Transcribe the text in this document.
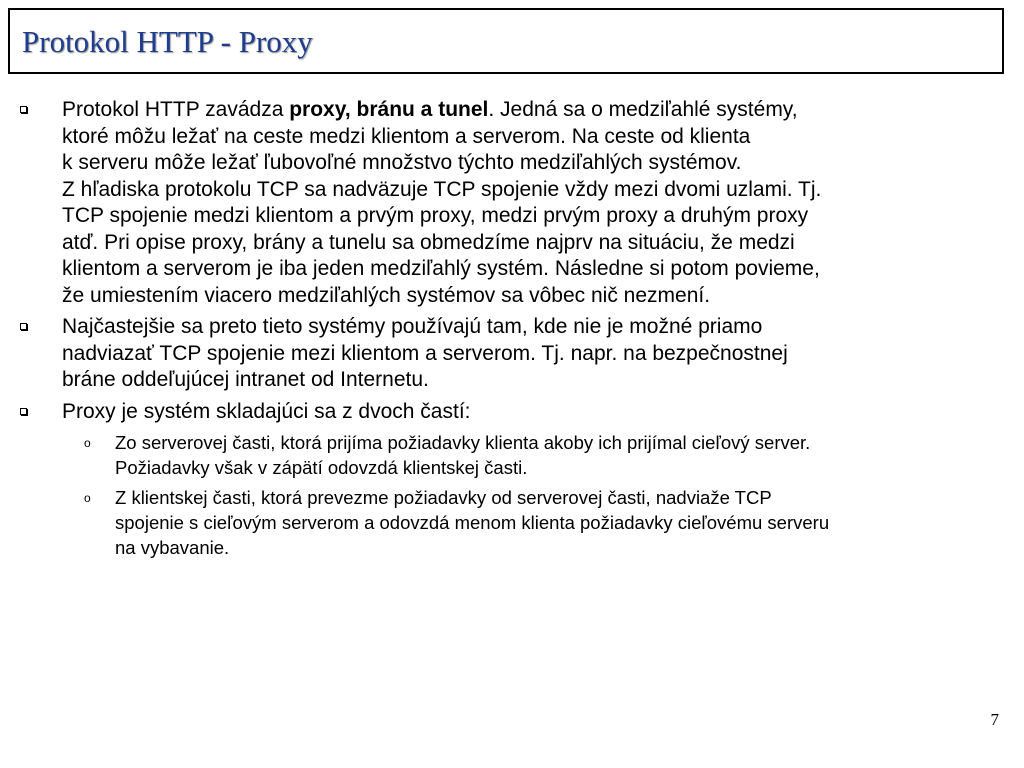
Protokol HTTP - Proxy
Protokol HTTP zavádza proxy, bránu a tunel. Jedná sa o medziľahlé systémy,
ktoré môžu ležať na ceste medzi klientom a serverom. Na ceste od klienta
k serveru môže ležať ľubovoľné množstvo týchto medziľahlých systémov.
Z hľadiska protokolu TCP sa nadväzuje TCP spojenie vždy mezi dvomi uzlami. Tj.
TCP spojenie medzi klientom a prvým proxy, medzi prvým proxy a druhým proxy
atď. Pri opise proxy, brány a tunelu sa obmedzíme najprv na situáciu, že medzi
klientom a serverom je iba jeden medziľahlý systém. Následne si potom povieme,
že umiestením viacero medziľahlých systémov sa vôbec nič nezmení.
Najčastejšie sa preto tieto systémy používajú tam, kde nie je možné priamo
nadviazať TCP spojenie mezi klientom a serverom. Tj. napr. na bezpečnostnej
bráne oddeľujúcej intranet od Internetu.
Proxy je systém skladajúci sa z dvoch častí:
o Zo serverovej časti, ktorá prijíma požiadavky klienta akoby ich prijímal cieľový server.
Požiadavky však v zápätí odovzdá klientskej časti.
o Z klientskej časti, ktorá prevezme požiadavky od serverovej časti, nadviaže TCP
spojenie s cieľovým serverom a odovzdá menom klienta požiadavky cieľovému serveru
na vybavanie.
7
